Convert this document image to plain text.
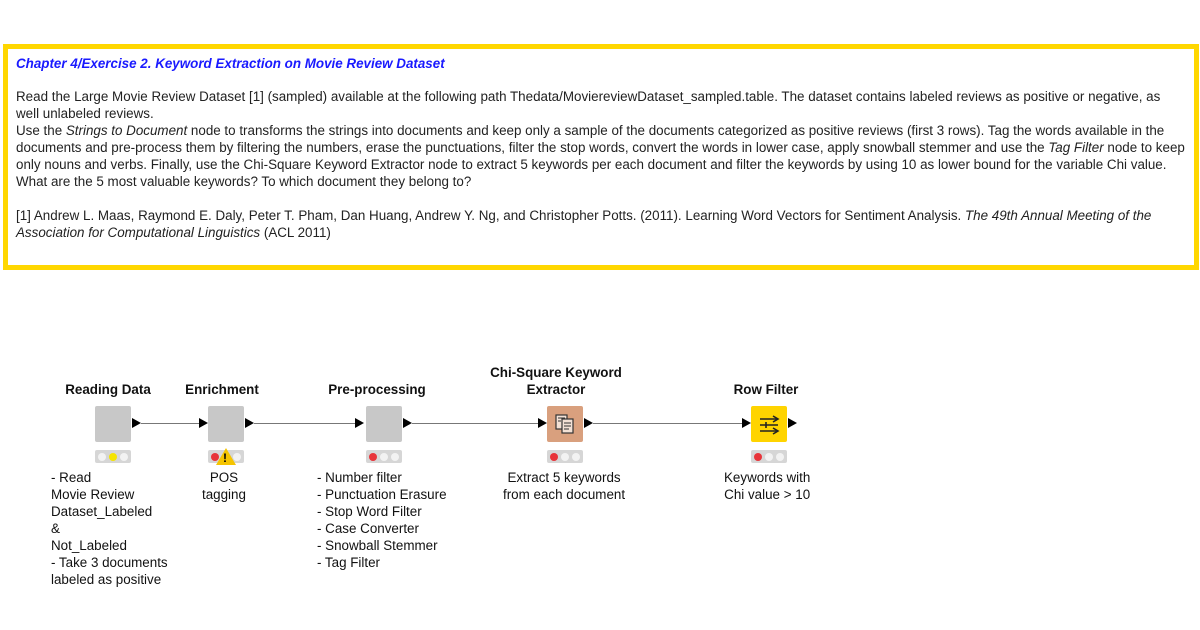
Chapter 4/Exercise 2. Keyword Extraction on Movie Review Dataset

Read the Large Movie Review Dataset [1] (sampled) available at the following path Thedata/MoviereviewDataset_sampled.table. The dataset contains labeled reviews as positive or negative, as well unlabeled reviews.

Use the Strings to Document node to transforms the strings into documents and keep only a sample of the documents categorized as positive reviews (first 3 rows). Tag the words available in the documents and pre-process them by filtering the numbers, erase the punctuations, filter the stop words, convert the words in lower case, apply snowball stemmer and use the Tag Filter node to keep only nouns and verbs. Finally, use the Chi-Square Keyword Extractor node to extract 5 keywords per each document and filter the keywords by using 10 as lower bound for the variable Chi value. What are the 5 most valuable keywords? To which document they belong to?

[1] Andrew L. Maas, Raymond E. Daly, Peter T. Pham, Dan Huang, Andrew Y. Ng, and Christopher Potts. (2011). Learning Word Vectors for Sentiment Analysis. The 49th Annual Meeting of the Association for Computational Linguistics (ACL 2011)

Reading Data
- Read
Movie Review
Dataset_Labeled
&
Not_Labeled
- Take 3 documents
labeled as positive
Enrichment
!
POS
tagging
Pre-processing
- Number filter
- Punctuation Erasure
- Stop Word Filter
- Case Converter
- Snowball Stemmer
- Tag Filter
Chi-Square Keyword
Extractor
Extract 5 keywords
from each document
Row Filter
Keywords with
Chi value > 10
